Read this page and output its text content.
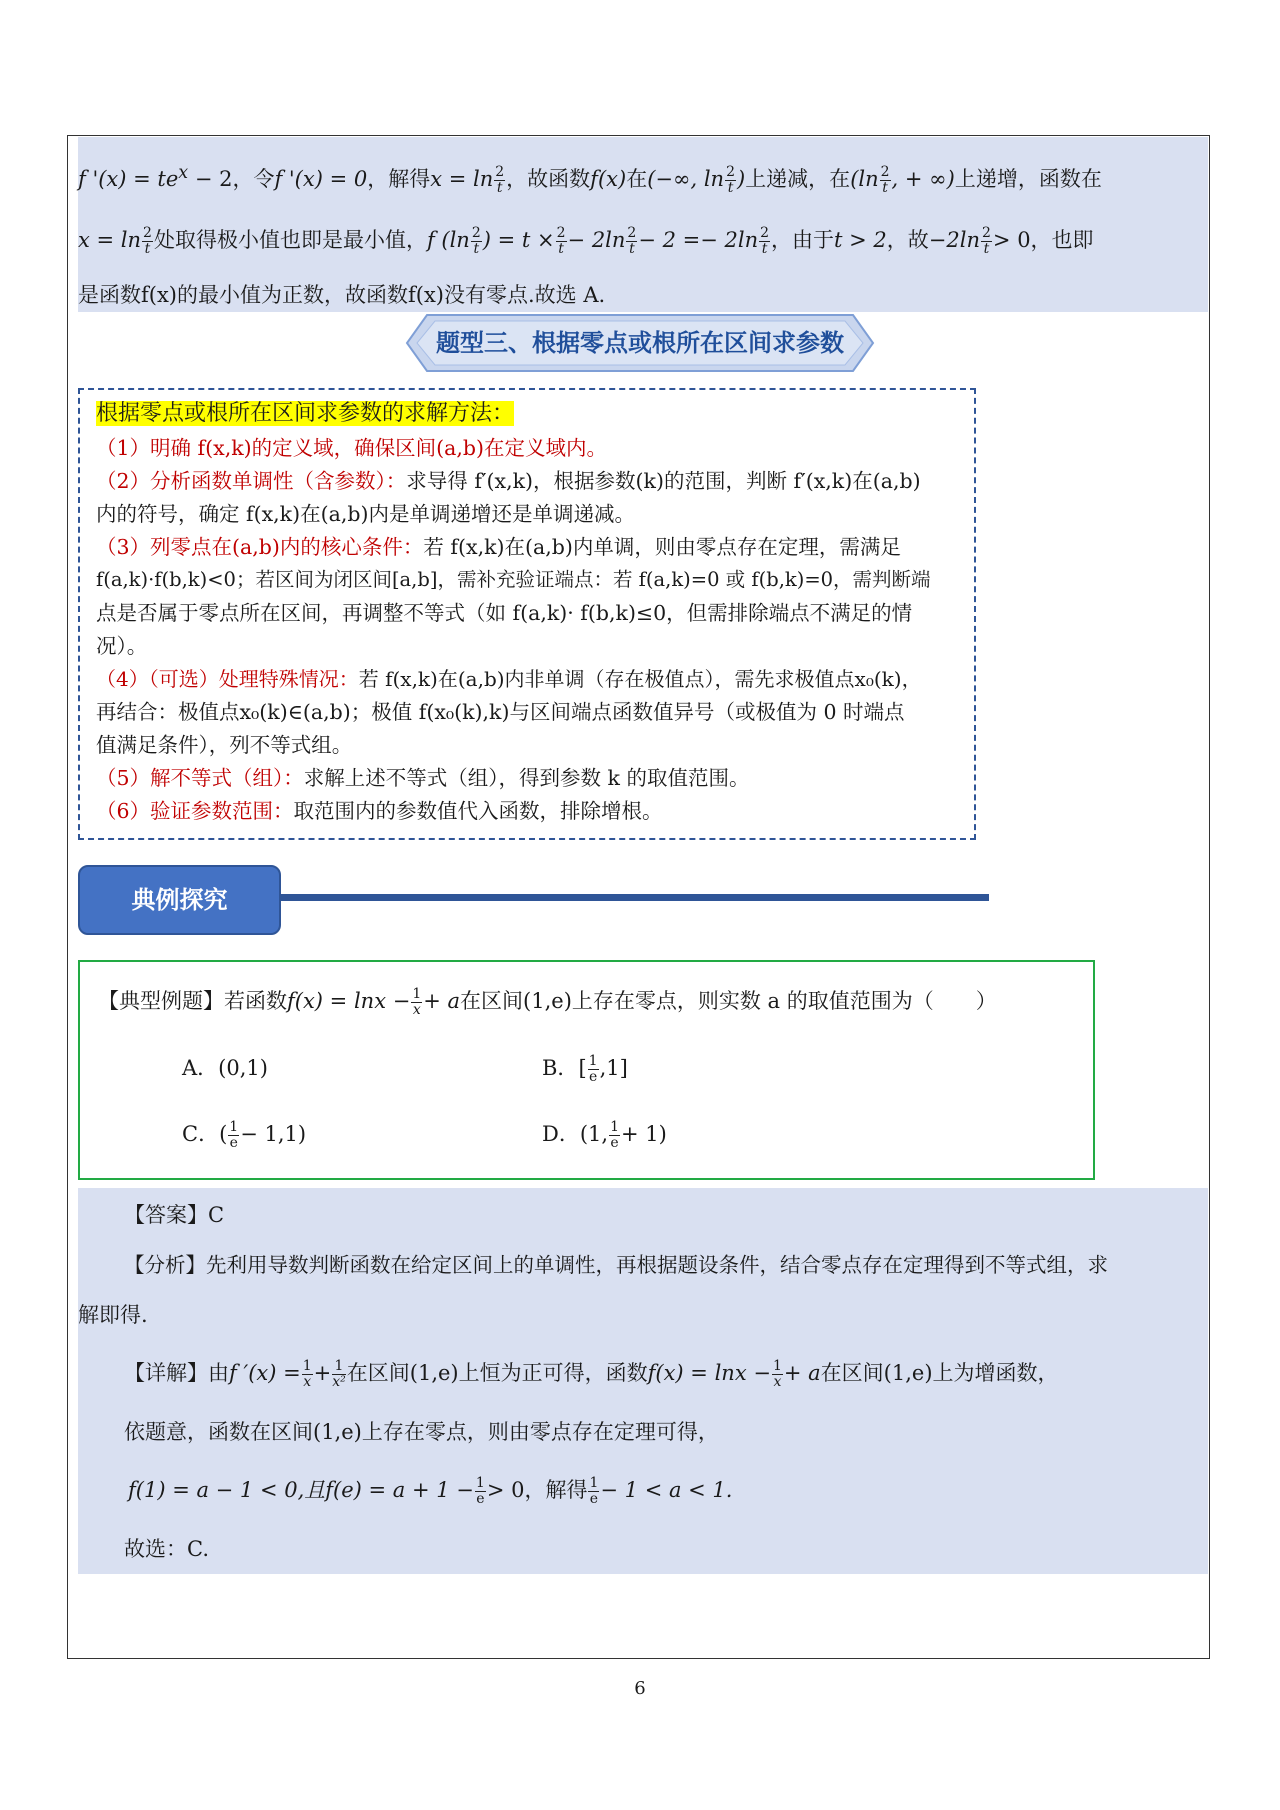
f '$(x) = te^x - 2$，令f '(x) = 0，解得$x = \ln \frac{2}{t}$ ，故函数f(x)在(−∞, $\ln \frac{2}{t}$ )上递减，在($\ln \frac{2}{t}$ , + ∞)上递增，函数在
$x = \ln \frac{2}{t}$ 处取得极小值也即是最小值，f ($\ln \frac{2}{t}$ ) = $t \times \frac{2}{t} - 2\ln \frac{2}{t} - 2 =- 2\ln \frac{2}{t}$ ，由于t > 2，故$-2\ln \frac{2}{t} > 0$，也即
是函数f(x)的最小值为正数，故函数f(x)没有零点.故选 A.
题型三、根据零点或根所在区间求参数
根据零点或根所在区间求参数的求解方法：
（1）明确 f(x,k)的定义域，确保区间(a,b)在定义域内。
（2）分析函数单调性（含参数）：求导得 f′(x,k)，根据参数(k)的范围，判断 f′(x,k)在(a,b)
内的符号，确定 f(x,k)在(a,b)内是单调递增还是单调递减。
（3）列零点在(a,b)内的核心条件：若 f(x,k)在(a,b)内单调，则由零点存在定理，需满足
f(a,k)·f(b,k)<0；若区间为闭区间[a,b]，需补充验证端点：若 f(a,k)=0 或 f(b,k)=0，需判断端
点是否属于零点所在区间，再调整不等式（如 f(a,k)· f(b,k)≤0，但需排除端点不满足的情
况）。
（4）（可选）处理特殊情况：若 f(x,k)在(a,b)内非单调（存在极值点），需先求极值点x₀(k)，
再结合：极值点x₀(k)∈(a,b)；极值 f(x₀(k),k)与区间端点函数值异号（或极值为 0 时端点
值满足条件），列不等式组。
（5）解不等式（组）：求解上述不等式（组），得到参数 k 的取值范围。
（6）验证参数范围：取范围内的参数值代入函数，排除增根。
典例探究
【典型例题】若函数$f(x) = \ln x - \frac{1}{x} + a$在区间(1,e)上存在零点，则实数 a 的取值范围为（　　）
A．(0,1)	B．[ $\frac{1}{e} ,1$]
C．( $\frac{1}{e} - 1,1$)	D．(1, $\frac{1}{e} + 1$)
【答案】C
【分析】先利用导数判断函数在给定区间上的单调性，再根据题设条件，结合零点存在定理得到不等式组，求
解即得.
【详解】由f $'(x) = \frac{1}{x} + \frac{1}{\text{x²}}$ 在区间(1,e)上恒为正可得，函数$f(x) = \ln x - \frac{1}{x} + a$在区间(1,e)上为增函数，
依题意，函数在区间(1,e)上存在零点，则由零点存在定理可得，
f(1) = a − 1 < 0,且$f(e) = a + 1 - \frac{1}{e} > 0$，解得 $\frac{1}{e} - 1 < a < 1$.
故选：C.
6
